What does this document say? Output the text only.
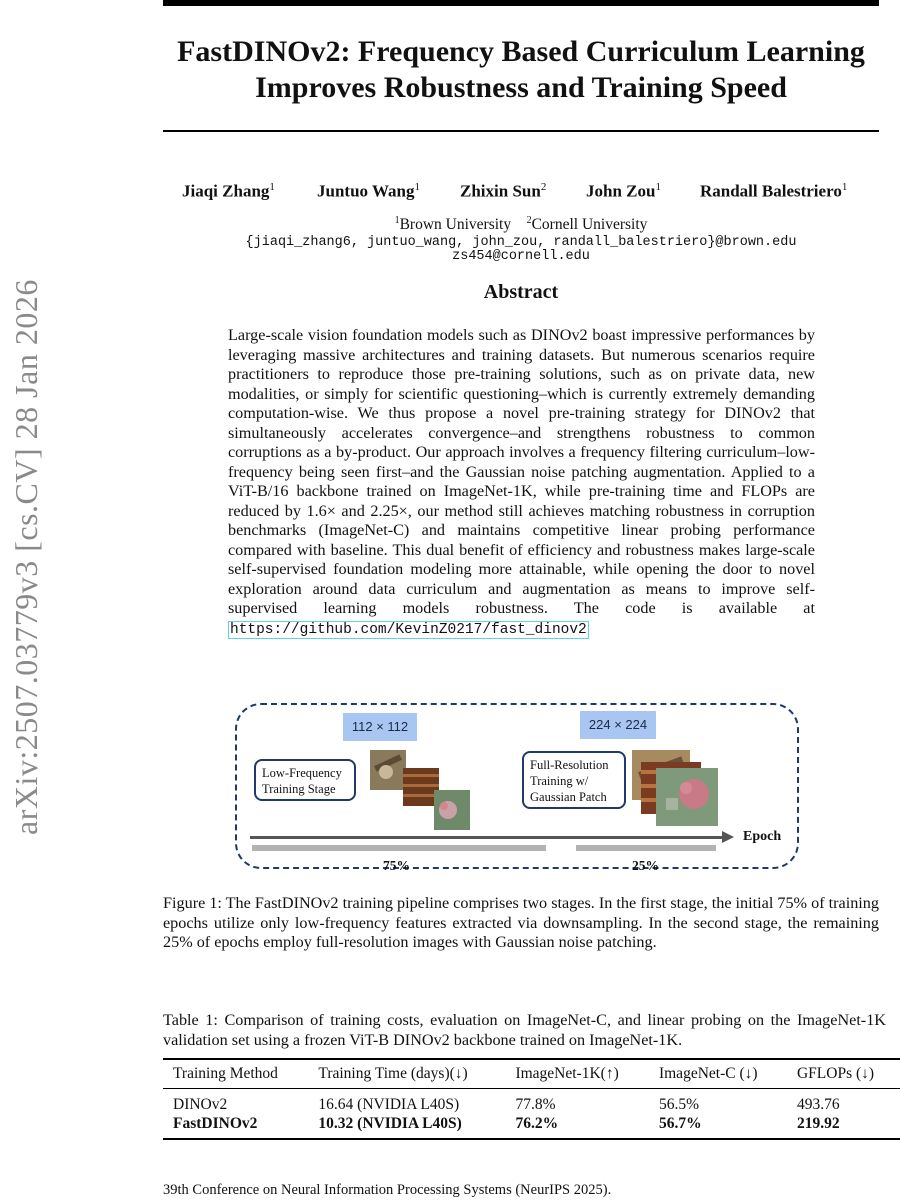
FastDINOv2: Frequency Based Curriculum Learning
Improves Robustness and Training Speed
arXiv:2507.03779v3 [cs.CV] 28 Jan 2026
Jiaqi Zhang$^1$ Juntuo Wang$^1$ Zhixin Sun$^2$ John Zou$^1$ Randall Balestriero$^1$
$^1$Brown University $^2$Cornell University
{jiaqi_zhang6, juntuo_wang, john_zou, randall_balestriero}@brown.edu
zs454@cornell.edu
Abstract
Large-scale vision foundation models such as DINOv2 boast impressive performances by leveraging massive architectures and training datasets. But numerous scenarios require practitioners to reproduce those pre-training solutions, such as on private data, new modalities, or simply for scientific questioning–which is currently extremely demanding computation-wise. We thus propose a novel pre-training strategy for DINOv2 that simultaneously accelerates convergence–and strengthens robustness to common corruptions as a by-product. Our approach involves a frequency filtering curriculum–low-frequency being seen first–and the Gaussian noise patching augmentation. Applied to a ViT-B/16 backbone trained on ImageNet-1K, while pre-training time and FLOPs are reduced by 1.6× and 2.25×, our method still achieves matching robustness in corruption benchmarks (ImageNet-C) and maintains competitive linear probing performance compared with baseline. This dual benefit of efficiency and robustness makes large-scale self-supervised foundation modeling more attainable, while opening the door to novel exploration around data curriculum and augmentation as means to improve self-supervised learning models robustness. The code is available at https://github.com/KevinZ0217/fast_dinov2
112 × 112	224 × 224
Low-Frequency Training Stage
Full-Resolution Training w/ Gaussian Patch
Epoch
75%	25%
Figure 1: The FastDINOv2 training pipeline comprises two stages. In the first stage, the initial 75% of training epochs utilize only low-frequency features extracted via downsampling. In the second stage, the remaining 25% of epochs employ full-resolution images with Gaussian noise patching.
Table 1: Comparison of training costs, evaluation on ImageNet-C, and linear probing on the ImageNet-1K validation set using a frozen ViT-B DINOv2 backbone trained on ImageNet-1K.
Training Method	Training Time (days)(↓)	ImageNet-1K(↑)	ImageNet-C (↓)	GFLOPs (↓)
DINOv2	16.64 (NVIDIA L40S)	77.8%	56.5%	493.76
FastDINOv2	10.32 (NVIDIA L40S)	76.2%	56.7%	219.92
39th Conference on Neural Information Processing Systems (NeurIPS 2025).
